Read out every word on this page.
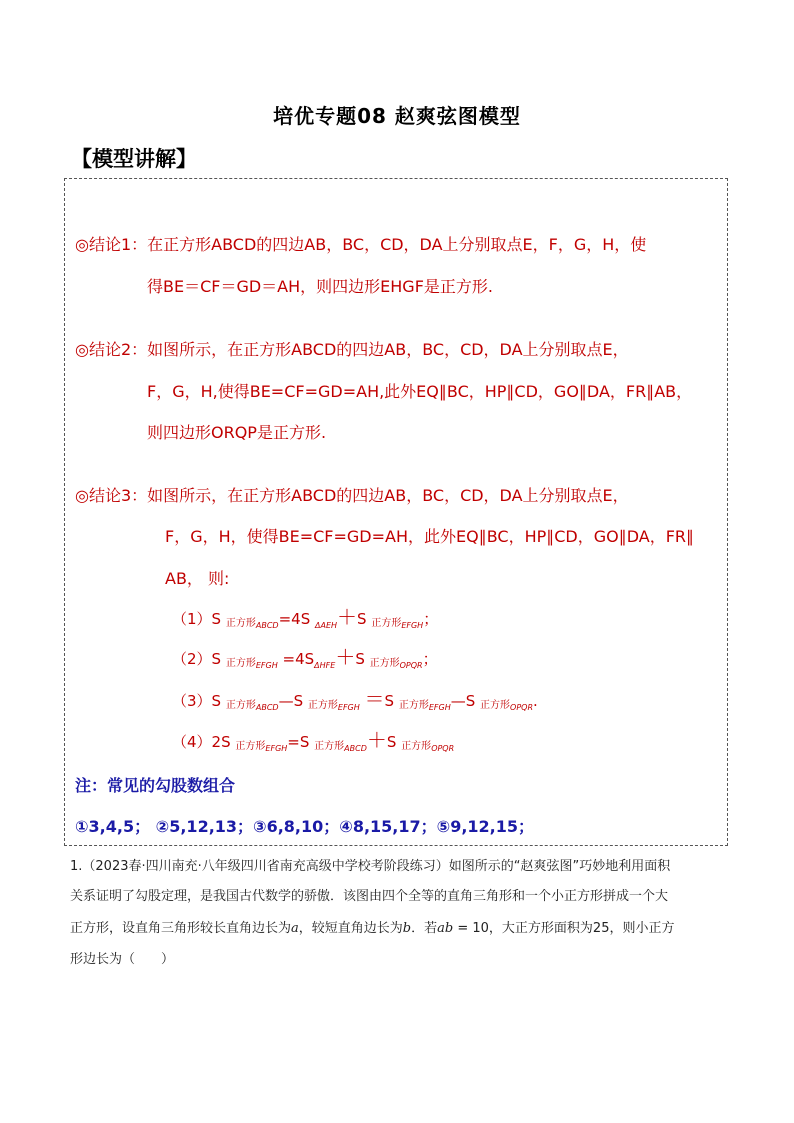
培优专题08 赵爽弦图模型
【模型讲解】
◎结论1：在正方形ABCD的四边AB，BC，CD，DA上分别取点E，F，G，H，使
得BE＝CF＝GD＝AH，则四边形EHGF是正方形.
◎结论2：如图所示，在正方形ABCD的四边AB，BC，CD，DA上分别取点E，
F，G，H,使得BE=CF=GD=AH,此外EQ∥BC，HP∥CD，GO∥DA，FR∥AB，
则四边形ORQP是正方形.
◎结论3：如图所示，在正方形ABCD的四边AB，BC，CD，DA上分别取点E，
F，G，H，使得BE=CF=GD=AH，此外EQ∥BC，HP∥CD，GO∥DA，FR∥
AB， 则:
（1）S 正方形$_{ABCD}$=4S $_{\Delta AEH}$＋S 正方形$_{EFGH}$；
（2）S 正方形$_{EFGH} =4S_{\Delta HFE}+S$ 正方形$_{OPQR}$；
（3）S 正方形$_{ABCD}$—S 正方形$_{EFGH}$ ＝S 正方形$_{EFGH}$—S 正方形$_{OPQR}$.
（4）2S 正方形$_{EFGH}$=S 正方形$_{ABCD}$＋S 正方形$_{OPQR}$
注：常见的勾股数组合
①3,4,5； ②5,12,13；③6,8,10；④8,15,17；⑤9,12,15；
1.（2023春·四川南充·八年级四川省南充高级中学校考阶段练习）如图所示的“赵爽弦图”巧妙地利用面积
关系证明了勾股定理，是我国古代数学的骄傲．该图由四个全等的直角三角形和一个小正方形拼成一个大
正方形，设直角三角形较长直角边长为a，较短直角边长为b．若ab = 10，大正方形面积为25，则小正方
形边长为（　　）
